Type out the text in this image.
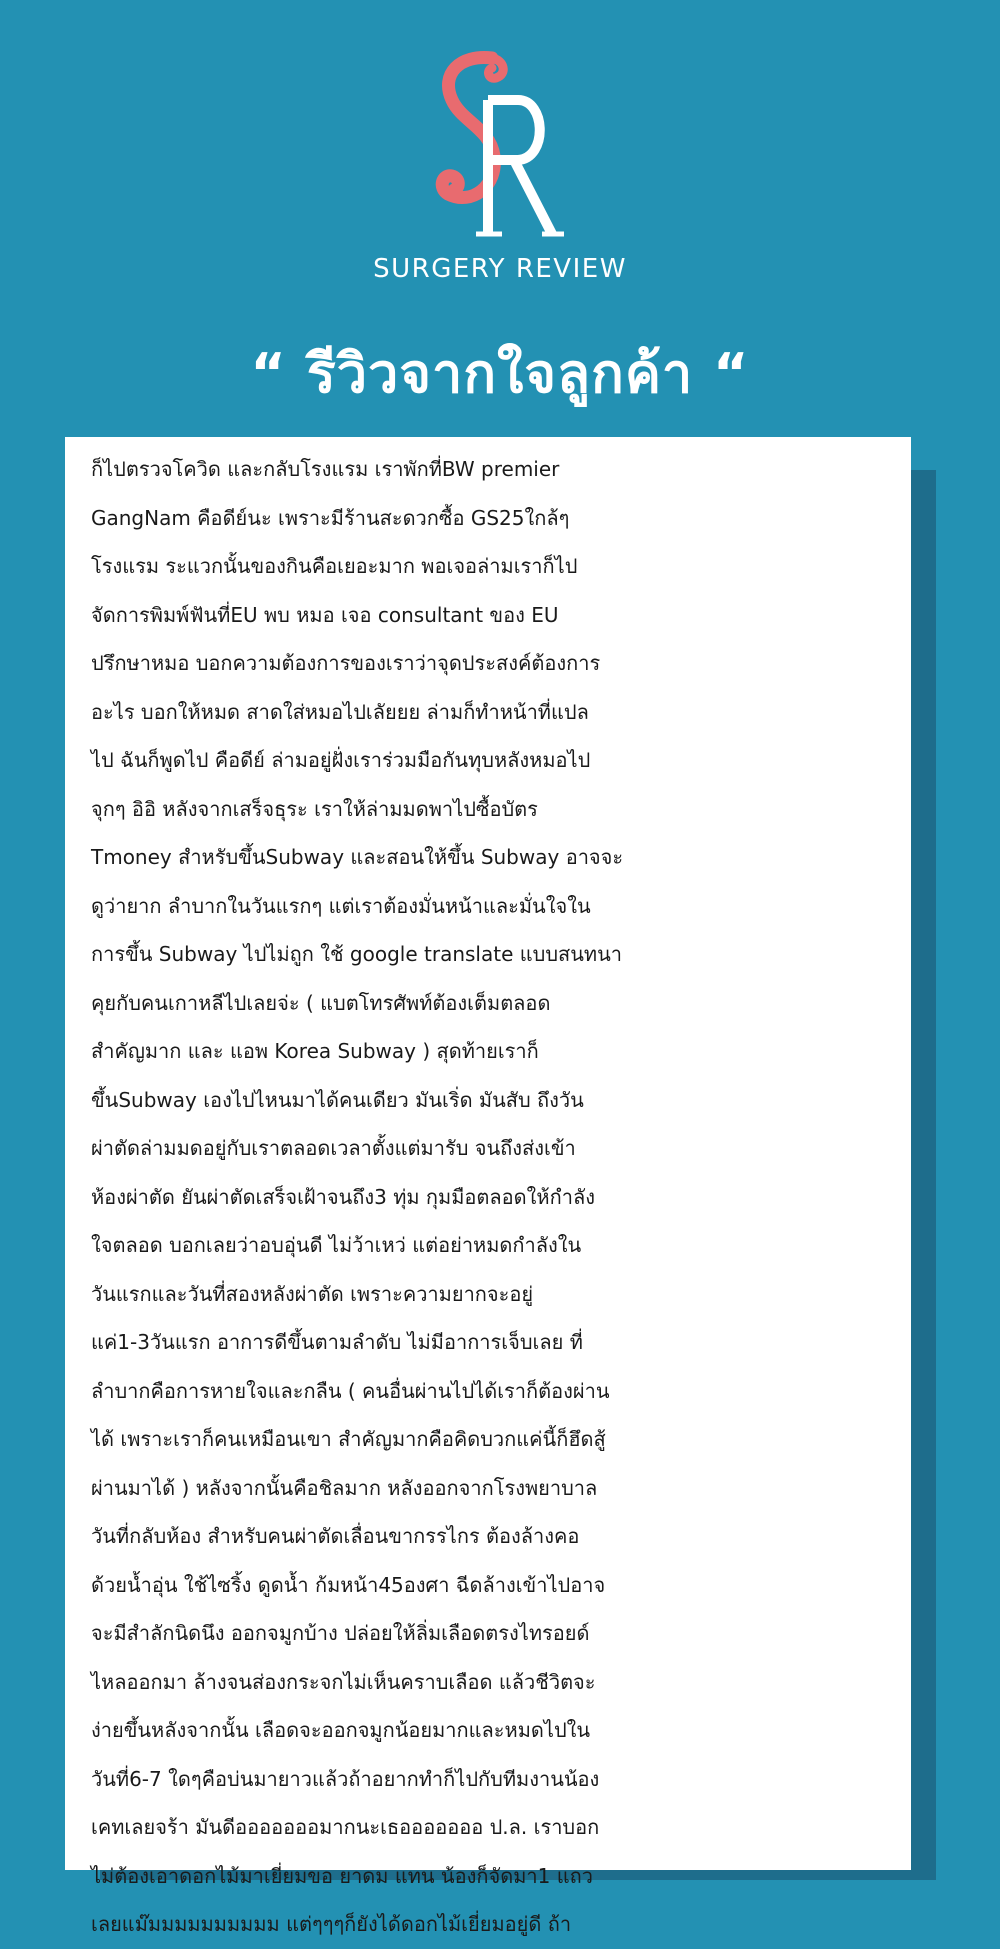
SURGERY REVIEW
“ รีวิวจากใจลูกค้า “
ก็ไปตรวจโควิด และกลับโรงแรม เราพักที่BW premier
GangNam คือดีย์นะ เพราะมีร้านสะดวกซื้อ GS25ใกล้ๆ
โรงแรม ระแวกนั้นของกินคือเยอะมาก พอเจอล่ามเราก็ไป
จัดการพิมพ์ฟันที่EU พบ หมอ เจอ consultant ของ EU
ปรึกษาหมอ บอกความต้องการของเราว่าจุดประสงค์ต้องการ
อะไร บอกให้หมด สาดใส่หมอไปเลัยยย ล่ามก็ทำหน้าที่แปล
ไป ฉันก็พูดไป คือดีย์ ล่ามอยู่ฝั่งเราร่วมมือกันทุบหลังหมอไป
จุกๆ อิอิ หลังจากเสร็จธุระ เราให้ล่ามมดพาไปซื้อบัตร
Tmoney สำหรับขึ้นSubway และสอนให้ขึ้น Subway อาจจะ
ดูว่ายาก ลำบากในวันแรกๆ แต่เราต้องมั่นหน้าและมั่นใจใน
การขึ้น Subway ไปไม่ถูก ใช้ google translate แบบสนทนา
คุยกับคนเกาหลีไปเลยจ่ะ ( แบตโทรศัพท์ต้องเต็มตลอด
สำคัญมาก และ แอพ Korea Subway ) สุดท้ายเราก็
ขึ้นSubway เองไปไหนมาได้คนเดียว มันเริ่ด มันสับ ถึงวัน
ผ่าตัดล่ามมดอยู่กับเราตลอดเวลาตั้งแต่มารับ จนถึงส่งเข้า
ห้องผ่าตัด ยันผ่าตัดเสร็จเฝ้าจนถึง3 ทุ่ม กุมมือตลอดให้กำลัง
ใจตลอด บอกเลยว่าอบอุ่นดี ไม่ว้าเหว่ แต่อย่าหมดกำลังใน
วันแรกและวันที่สองหลังผ่าตัด เพราะความยากจะอยู่
แค่1-3วันแรก อาการดีขึ้นตามลำดับ ไม่มีอาการเจ็บเลย ที่
ลำบากคือการหายใจและกลืน ( คนอื่นผ่านไปได้เราก็ต้องผ่าน
ได้ เพราะเราก็คนเหมือนเขา สำคัญมากคือคิดบวกแค่นี้ก็ฮึดสู้
ผ่านมาได้ ) หลังจากนั้นคือชิลมาก หลังออกจากโรงพยาบาล
วันที่กลับห้อง สำหรับคนผ่าตัดเลื่อนขากรรไกร ต้องล้างคอ
ด้วยน้ำอุ่น ใช้ไซริ้ง ดูดน้ำ ก้มหน้า45องศา ฉีดล้างเข้าไปอาจ
จะมีสำลักนิดนึง ออกจมูกบ้าง ปล่อยให้ลิ่มเลือดตรงไทรอยด์
ไหลออกมา ล้างจนส่องกระจกไม่เห็นคราบเลือด แล้วชีวิตจะ
ง่ายขึ้นหลังจากนั้น เลือดจะออกจมูกน้อยมากและหมดไปใน
วันที่6-7 ใดๆคือบ่นมายาวแล้วถ้าอยากทำก็ไปกับทีมงานน้อง
เคทเลยจร้า มันดีอออออออมากนะเธอออออออ ป.ล. เราบอก
ไม่ต้องเอาดอกไม้มาเยี่ยมขอ ยาดม แทน น้องก็จัดมา1 แถว
เลยแม๊มมมมมมมมมม แต่ๆๆๆก็ยังได้ดอกไม้เยี่ยมอยู่ดี ถ้า
